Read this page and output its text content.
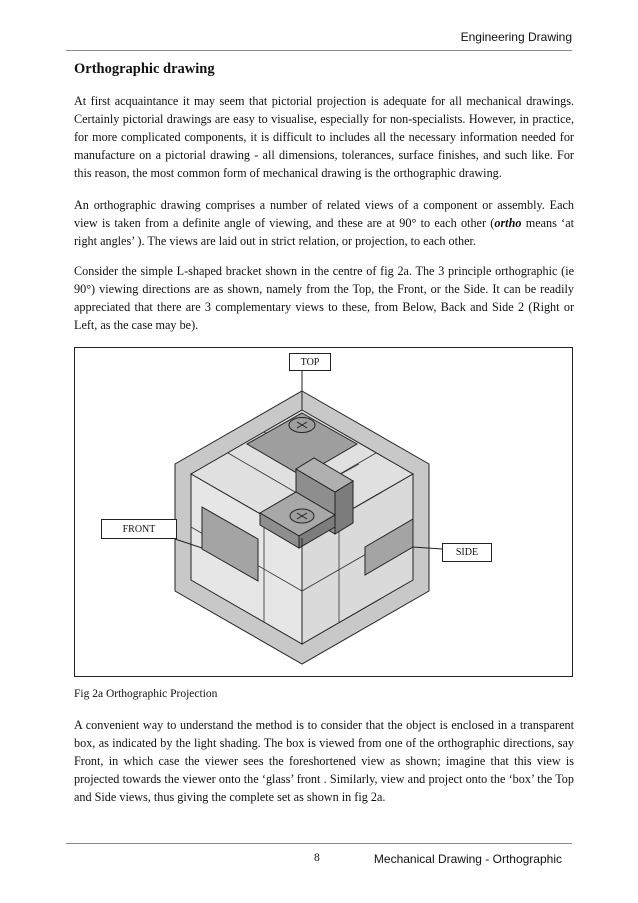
Engineering Drawing
Orthographic drawing

At first acquaintance it may seem that pictorial projection is adequate for all mechanical drawings. Certainly pictorial drawings are easy to visualise, especially for non-specialists. However, in practice, for more complicated components, it is difficult to includes all the necessary information needed for manufacture on a pictorial drawing - all dimensions, tolerances, surface finishes, and such like. For this reason, the most common form of mechanical drawing is the orthographic drawing.

An orthographic drawing comprises a number of related views of a component or assembly. Each view is taken from a definite angle of viewing, and these are at 90° to each other (ortho means ‘at right angles’ ). The views are laid out in strict relation, or projection, to each other.

Consider the simple L-shaped bracket shown in the centre of fig 2a. The 3 principle orthographic (ie 90°) viewing directions are as shown, namely from the Top, the Front, or the Side. It can be readily appreciated that there are 3 complementary views to these, from Below, Back and Side 2 (Right or Left, as the case may be).

TOP
FRONT
SIDE
Fig 2a Orthographic Projection

A convenient way to understand the method is to consider that the object is enclosed in a transparent box, as indicated by the light shading. The box is viewed from one of the orthographic directions, say Front, in which case the viewer sees the foreshortened view as shown; imagine that this view is projected towards the viewer onto the ‘glass’ front . Similarly, view and project onto the ‘box’ the Top and Side views, thus giving the complete set as shown in fig 2a.

8	Mechanical Drawing - Orthographic
